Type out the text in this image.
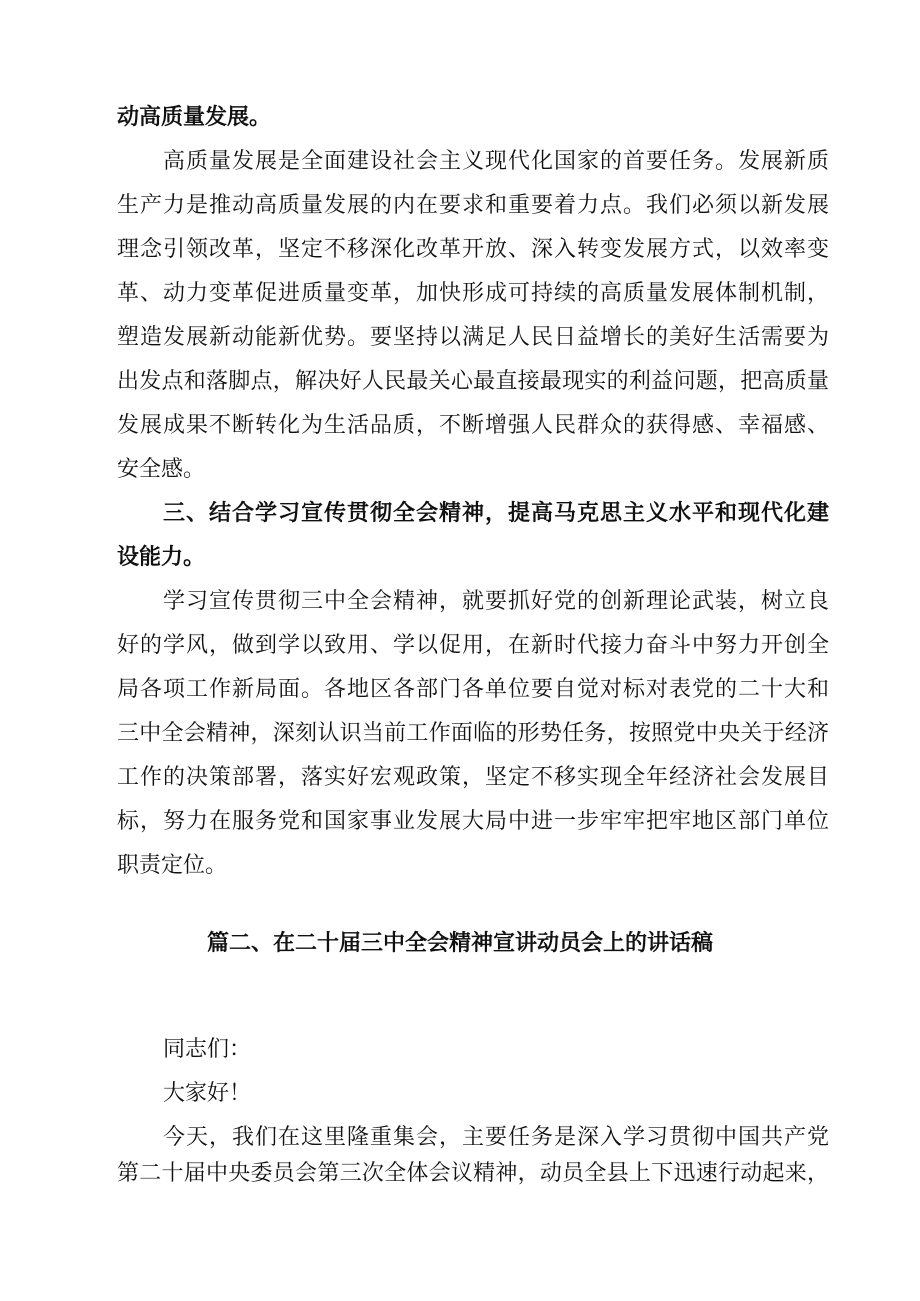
动高质量发展。
高质量发展是全面建设社会主义现代化国家的首要任务。发展新质
生产力是推动高质量发展的内在要求和重要着力点。我们必须以新发展
理念引领改革，坚定不移深化改革开放、深入转变发展方式，以效率变
革、动力变革促进质量变革，加快形成可持续的高质量发展体制机制，
塑造发展新动能新优势。要坚持以满足人民日益增长的美好生活需要为
出发点和落脚点，解决好人民最关心最直接最现实的利益问题，把高质量
发展成果不断转化为生活品质，不断增强人民群众的获得感、幸福感、
安全感。
三、结合学习宣传贯彻全会精神，提高马克思主义水平和现代化建
设能力。
学习宣传贯彻三中全会精神，就要抓好党的创新理论武装，树立良
好的学风，做到学以致用、学以促用，在新时代接力奋斗中努力开创全
局各项工作新局面。各地区各部门各单位要自觉对标对表党的二十大和
三中全会精神，深刻认识当前工作面临的形势任务，按照党中央关于经济
工作的决策部署，落实好宏观政策，坚定不移实现全年经济社会发展目
标，努力在服务党和国家事业发展大局中进一步牢牢把牢地区部门单位
职责定位。
篇二、在二十届三中全会精神宣讲动员会上的讲话稿
同志们：
大家好！
今天，我们在这里隆重集会，主要任务是深入学习贯彻中国共产党
第二十届中央委员会第三次全体会议精神，动员全县上下迅速行动起来，
